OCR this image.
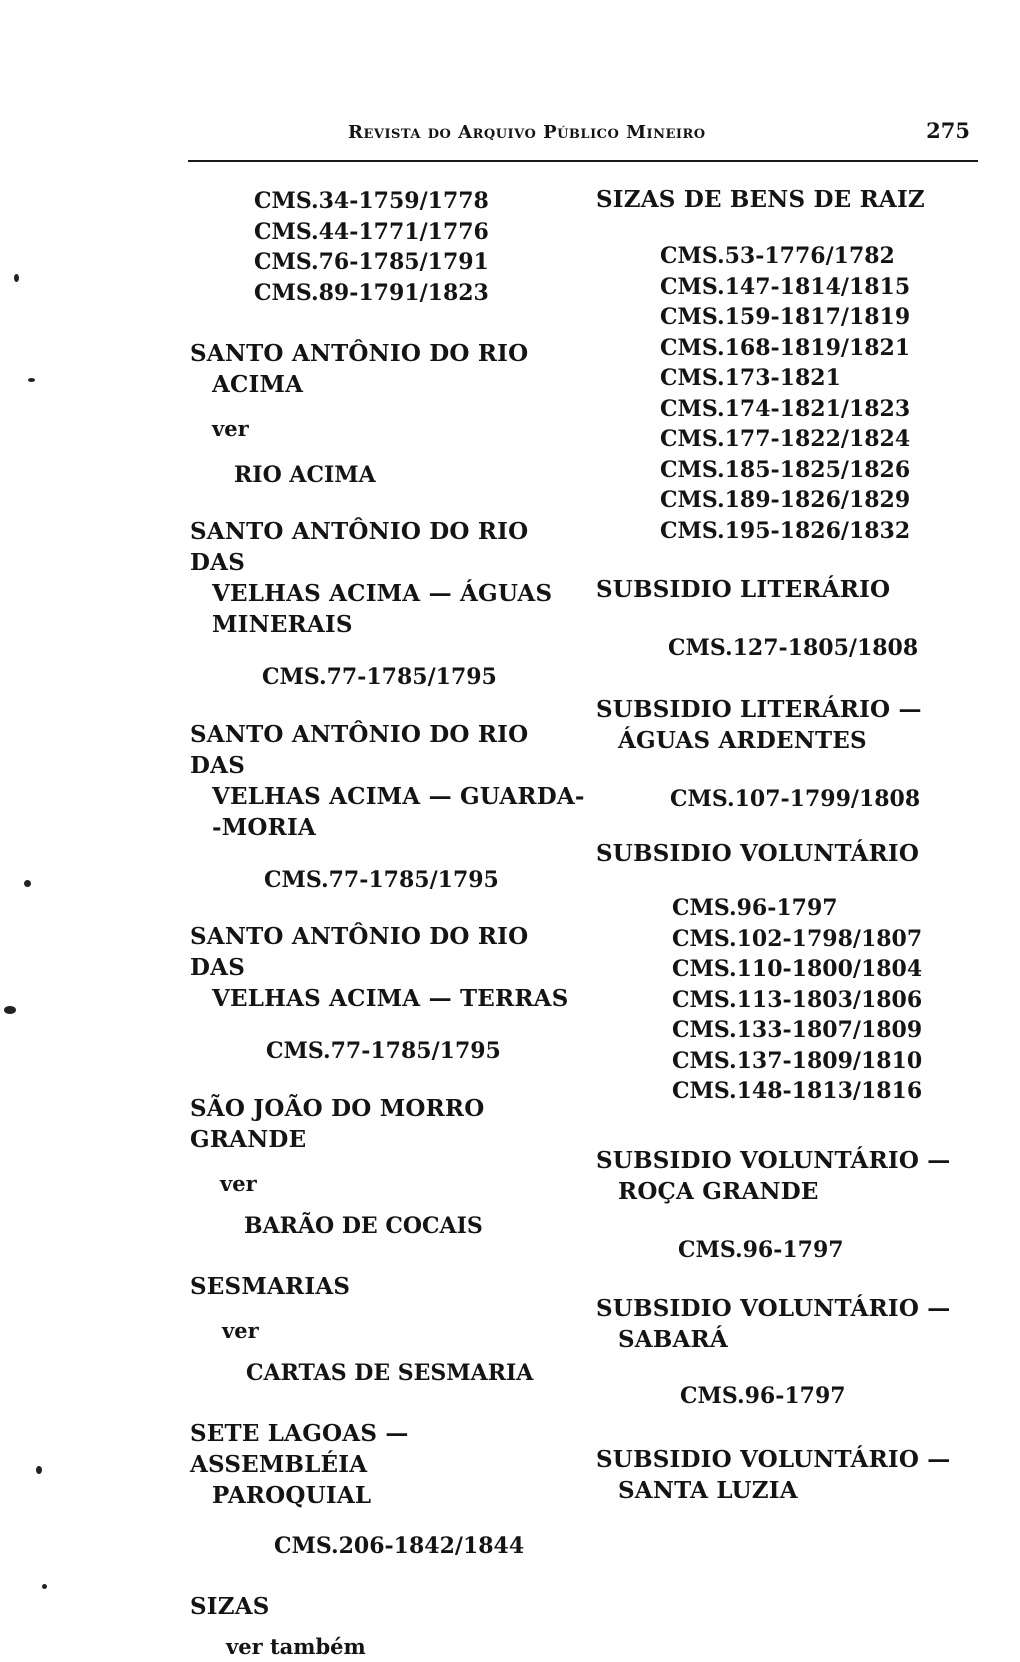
Revista do Arquivo Público Mineiro	275
CMS.34-1759/1778
CMS.44-1771/1776
CMS.76-1785/1791
CMS.89-1791/1823
SANTO ANTÔNIO DO RIO
ACIMA
ver
RIO ACIMA
SANTO ANTÔNIO DO RIO DAS
VELHAS ACIMA — ÁGUAS
MINERAIS
CMS.77-1785/1795
SANTO ANTÔNIO DO RIO DAS
VELHAS ACIMA — GUARDA-
-MORIA
CMS.77-1785/1795
SANTO ANTÔNIO DO RIO DAS
VELHAS ACIMA — TERRAS
CMS.77-1785/1795
SÃO JOÃO DO MORRO GRANDE
ver
BARÃO DE COCAIS
SESMARIAS
ver
CARTAS DE SESMARIA
SETE LAGOAS — ASSEMBLÉIA
PAROQUIAL
CMS.206-1842/1844
SIZAS
ver também
SIZAS DE BENS DE RAIZ
CMS.53-1776/1782
CMS.147-1814/1815
CMS.159-1817/1819
CMS.168-1819/1821
CMS.173-1821
CMS.174-1821/1823
CMS.177-1822/1824
CMS.185-1825/1826
CMS.189-1826/1829
CMS.195-1826/1832
SUBSIDIO LITERÁRIO
CMS.127-1805/1808
SUBSIDIO LITERÁRIO —
ÁGUAS ARDENTES
CMS.107-1799/1808
SUBSIDIO VOLUNTÁRIO
CMS.96-1797
CMS.102-1798/1807
CMS.110-1800/1804
CMS.113-1803/1806
CMS.133-1807/1809
CMS.137-1809/1810
CMS.148-1813/1816
SUBSIDIO VOLUNTÁRIO —
ROÇA GRANDE
CMS.96-1797
SUBSIDIO VOLUNTÁRIO —
SABARÁ
CMS.96-1797
SUBSIDIO VOLUNTÁRIO —
SANTA LUZIA
